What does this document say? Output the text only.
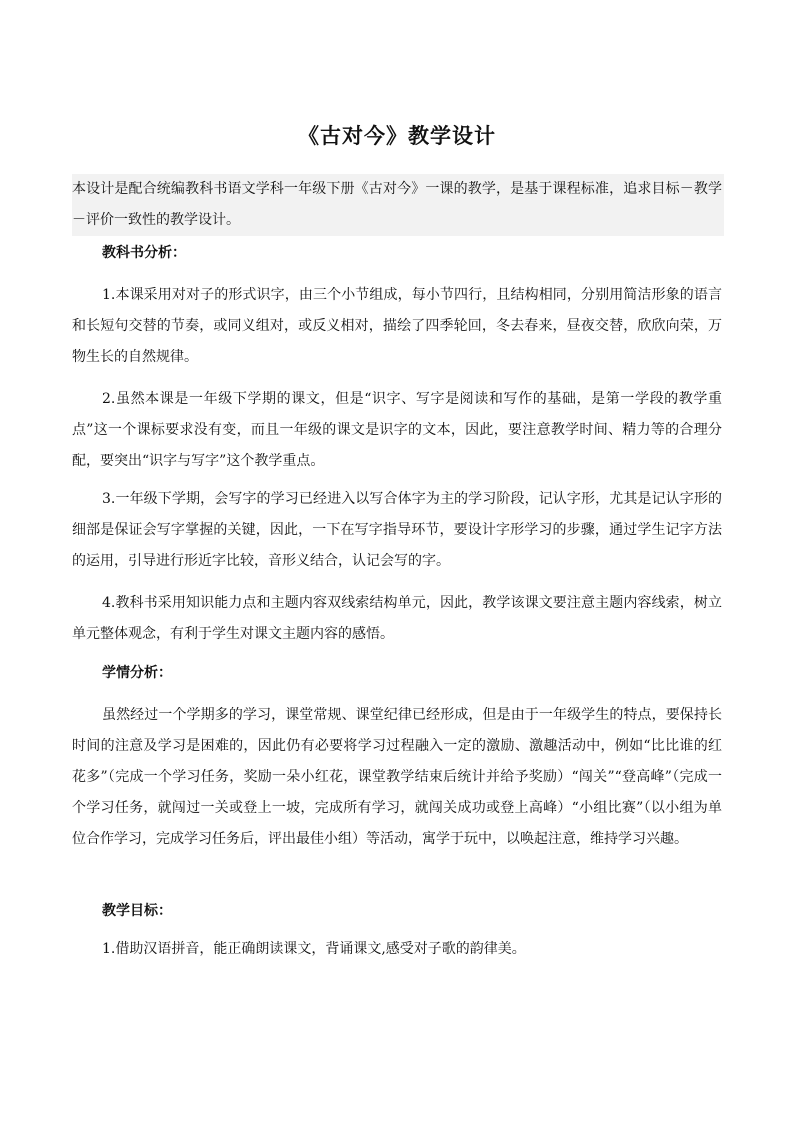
《古对今》教学设计
本设计是配合统编教科书语文学科一年级下册《古对今》一课的教学，是基于课程标准，追求目标－教学－评价一致性的教学设计。
教科书分析：
1.本课采用对对子的形式识字，由三个小节组成，每小节四行，且结构相同，分别用简洁形象的语言和长短句交替的节奏，或同义组对，或反义相对，描绘了四季轮回，冬去春来，昼夜交替，欣欣向荣，万物生长的自然规律。
2.虽然本课是一年级下学期的课文，但是“识字、写字是阅读和写作的基础，是第一学段的教学重点”这一个课标要求没有变，而且一年级的课文是识字的文本，因此，要注意教学时间、精力等的合理分配，要突出“识字与写字”这个教学重点。
3.一年级下学期，会写字的学习已经进入以写合体字为主的学习阶段，记认字形，尤其是记认字形的细部是保证会写字掌握的关键，因此，一下在写字指导环节，要设计字形学习的步骤，通过学生记字方法的运用，引导进行形近字比较，音形义结合，认记会写的字。
4.教科书采用知识能力点和主题内容双线索结构单元，因此，教学该课文要注意主题内容线索，树立单元整体观念，有利于学生对课文主题内容的感悟。
学情分析：
虽然经过一个学期多的学习，课堂常规、课堂纪律已经形成，但是由于一年级学生的特点，要保持长时间的注意及学习是困难的，因此仍有必要将学习过程融入一定的激励、激趣活动中，例如“比比谁的红花多”（完成一个学习任务，奖励一朵小红花，课堂教学结束后统计并给予奖励）“闯关”“登高峰”（完成一个学习任务，就闯过一关或登上一坡，完成所有学习，就闯关成功或登上高峰）“小组比赛”（以小组为单位合作学习，完成学习任务后，评出最佳小组）等活动，寓学于玩中，以唤起注意，维持学习兴趣。
教学目标：
1.借助汉语拼音，能正确朗读课文，背诵课文,感受对子歌的韵律美。
